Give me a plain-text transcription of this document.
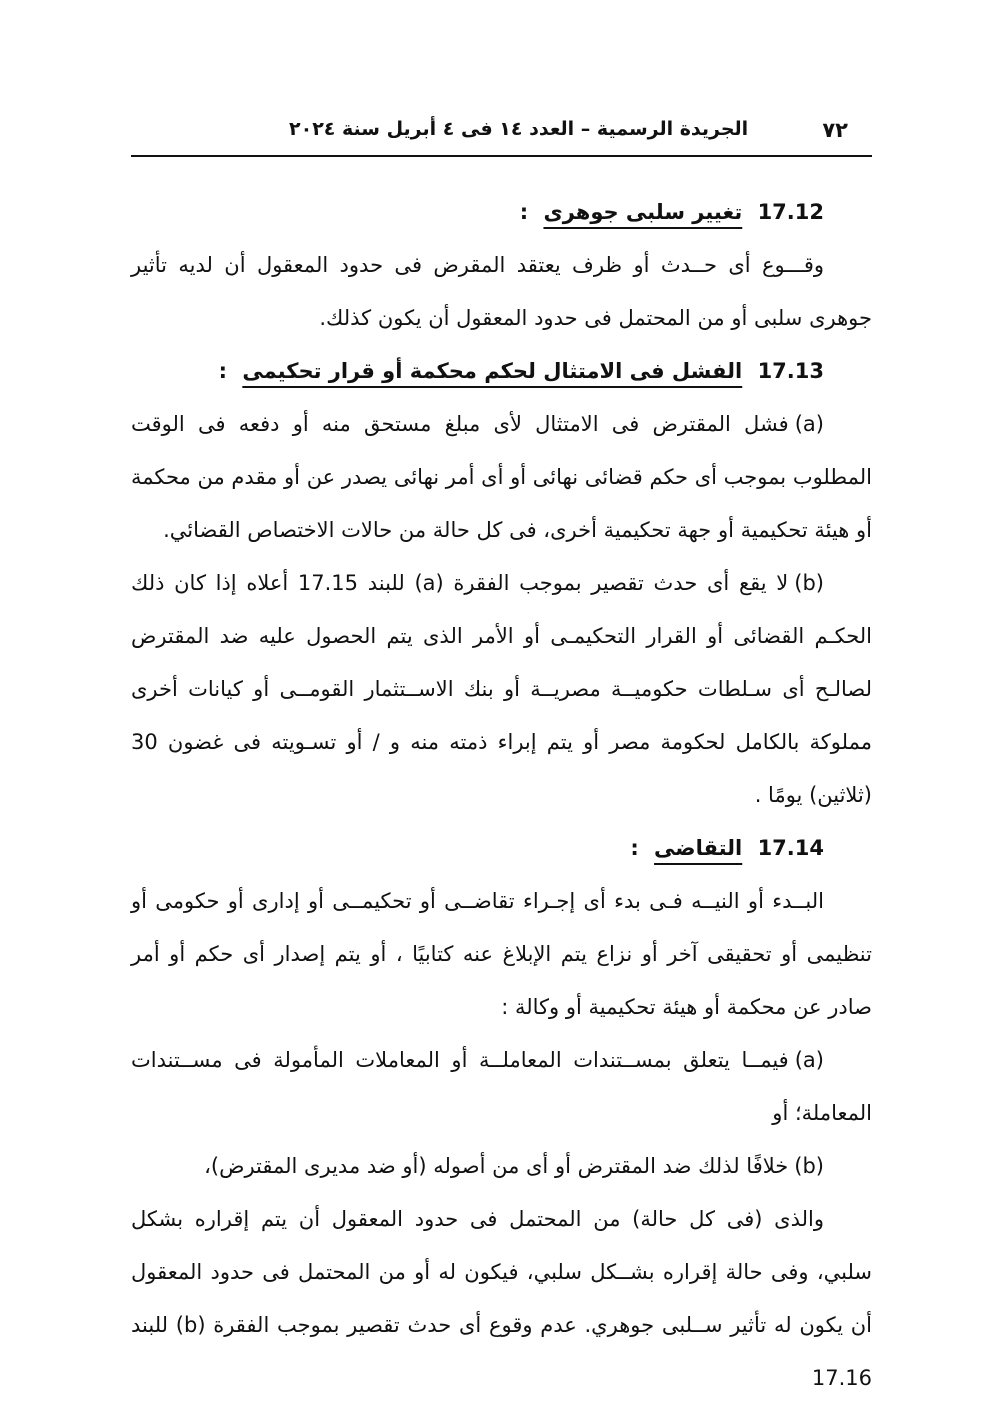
٧٢
الجريدة الرسمية – العدد ١٤ فى ٤ أبريل سنة ٢٠٢٤

17.12 تغيير سلبى جوهرى :

وقـــوع أى حــدث أو ظرف يعتقد المقرض فى حدود المعقول أن لديه تأثير جوهرى سلبى أو من المحتمل فى حدود المعقول أن يكون كذلك.

17.13 الفشل فى الامتثال لحكم محكمة أو قرار تحكيمى :

(a)فشل المقترض فى الامتثال لأى مبلغ مستحق منه أو دفعه فى الوقت المطلوب بموجب أى حكم قضائى نهائى أو أى أمر نهائى يصدر عن أو مقدم من محكمة أو هيئة تحكيمية أو جهة تحكيمية أخرى، فى كل حالة من حالات الاختصاص القضائي.

(b)لا يقع أى حدث تقصير بموجب الفقرة (a) للبند 17.15 أعلاه إذا كان ذلك الحكـم القضائى أو القرار التحكيمـى أو الأمر الذى يتم الحصول عليه ضد المقترض لصالـح أى سـلطات حكوميــة مصريــة أو بنك الاســتثمار القومــى أو كيانات أخرى مملوكة بالكامل لحكومة مصر أو يتم إبراء ذمته منه و / أو تسـويته فى غضون 30 (ثلاثين) يومًا .

17.14 التقاضى :

البــدء أو النيــه فـى بدء أى إجـراء تقاضــى أو تحكيمــى أو إدارى أو حكومى أو تنظيمى أو تحقيقى آخر أو نزاع يتم الإبلاغ عنه كتابيًا ، أو يتم إصدار أى حكم أو أمر صادر عن محكمة أو هيئة تحكيمية أو وكالة :

(a)فيمــا يتعلق بمســتندات المعاملــة أو المعاملات المأمولة فى مســتندات المعاملة؛ أو

(b)خلافًا لذلك ضد المقترض أو أى من أصوله (أو ضد مديرى المقترض)،

والذى (فى كل حالة) من المحتمل فى حدود المعقول أن يتم إقراره بشكل سلبي، وفى حالة إقراره بشــكل سلبي، فيكون له أو من المحتمل فى حدود المعقول أن يكون له تأثير ســلبى جوهري. عدم وقوع أى حدث تقصير بموجب الفقرة (b) للبند 17.16
